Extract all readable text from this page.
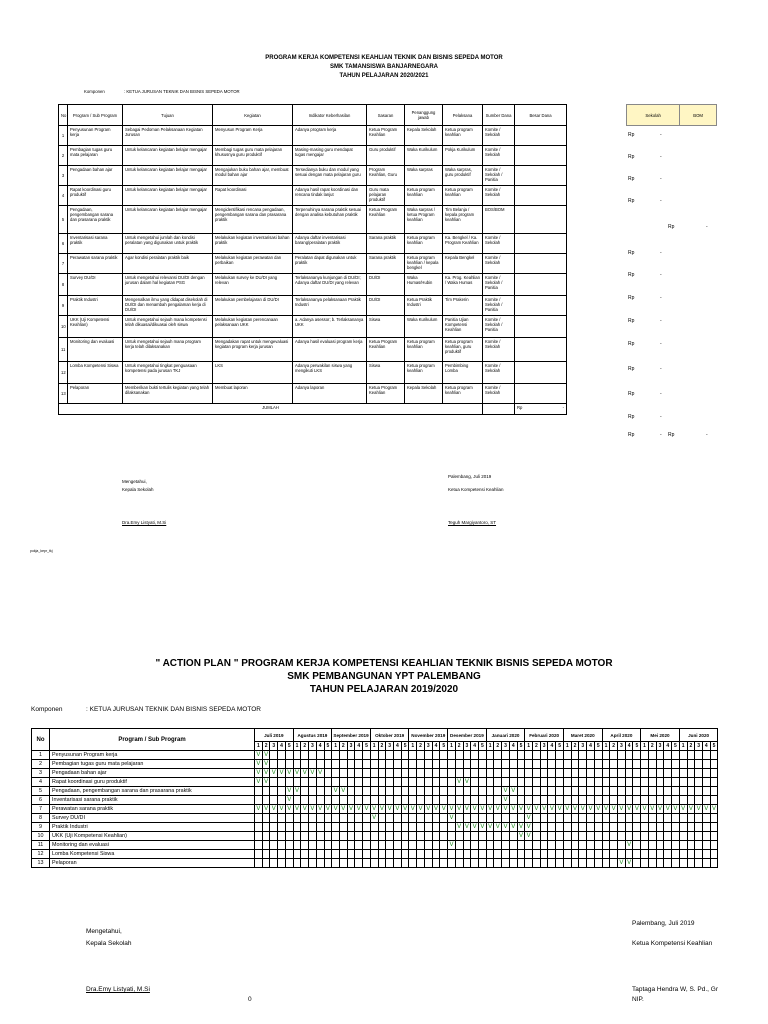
PROGRAM KERJA KOMPETENSI KEAHLIAN TEKNIK DAN BISNIS SEPEDA MOTOR
SMK TAMANSISWA BANJARNEGARA
TAHUN PELAJARAN 2020/2021
Komponen	: KETUA JURUSAN TEKNIK DAN BISNIS SEPEDA MOTOR
No	Program / Sub Program	Tujuan	Kegiatan	Indikator Keberhasilan	Sasaran	Penanggung jawab	Pelaksana	Sumber Dana	Besar Dana
1	Penyusunan Program kerja	Sebagai Pedoman Pelaksanaan Kegiatan Jurusan	Menyusun Program Kerja	Adanya program kerja	Ketua Program Keahlian	Kepala Sekolah	Ketua program keahlian	Komite / Sekolah	
2	Pembagian tugas guru mata pelajaran	Untuk kelancaran kegiatan belajar mengajar	Membagi tugas guru mata pelajaran khususnya guru produktif	Masing-masing guru mendapat tugas mengajar	Guru produktif	Waka Kurikulum	Pokja Kurikulum	Komite / Sekolah	
3	Pengadaan bahan ajar	Untuk kelancaran kegiatan belajar mengajar	Mengajukan buku bahan ajar, membuat modul bahan ajar	Tersedianya buku dan modul yang sesuai dengan mata pelajaran guru	Program Keahlian, Guru	Waka sarpras	Waka sarpras, guru produktif	Komite / Sekolah / Panitia	
4	Rapat koordinasi guru produktif	Untuk kelancaran kegiatan belajar mengajar	Rapat koordinasi	Adanya hasil rapat koordinasi dan rencana tindak lanjut	Guru mata pelajaran produktif	Ketua program keahlian	Ketua program keahlian	Komite / Sekolah	
5	Pengadaan, pengembangan sarana dan prasarana praktik	Untuk kelancaran kegiatan belajar mengajar	Mengidentifikasi rencana pengadaan, pengembangan sarana dan prasarana praktik	Terpenuhinya sarana praktik sesuai dengan analisa kebutuhan praktik	Ketua Program Keahlian	Waka sarpras / ketua Program keahlian	Tim Belanja / kepala program keahlian	BOS/BOM	
6	Inventarisasi sarana praktik	Untuk mengetahui jumlah dan kondisi peralatan yang digunakan untuk praktik	Melakukan kegiatan inventarisasi bahan praktik	Adanya daftar inventarisasi barang/peralatan praktik	Sarana praktik	Ketua program keahlian	Ka. Bengkel / Ka. Program Keahlian	Komite / Sekolah	
7	Perawatan sarana praktik	Agar kondisi peralatan praktik baik	Melakukan kegiatan perawatan dan perbaikan	Peralatan dapat digunakan untuk praktik	Sarana praktik	Ketua program keahlian / kepala bengkel	Kepala Bengkel	Komite / Sekolah	
8	Survey DU/DI	Untuk mengetahui relevansi DU/DI dengan jurusan dalam hal kegiatan PSG	Melakukan survey ke DU/DI yang relevan	Terlaksananya kunjungan di DU/DI; Adanya daftar DU/DI yang relevan	DU/DI	Waka Humas/Hubin	Ka. Prog. Keahlian / Waka Humas	Komite / Sekolah / Panitia	
9	Praktik Industri	Mengenalkan ilmu yang didapat disekolah di DU/DI dan menambah pengalaman kerja di DU/DI	Melakukan pembelajaran di DU/DI	Terlaksananya pelaksanaan Praktik Industri	DU/DI	Ketua Praktik Industri	Tim Prakerin	Komite / Sekolah / Panitia	
10	UKK (Uji Kompetensi Keahlian)	Untuk mengetahui sejauh mana kompetensi telah dikuasai/dikuasai oleh siswa	Melakukan kegiatan perencanaan pelaksanaan UKK	a. Adanya asessor; b. Terlaksananya UKK	Siswa	Waka Kurikulum	Panitia Ujian Kompetensi Keahlian	Komite / Sekolah / Panitia	
11	Monitoring dan evaluasi	Untuk mengetahui sejauh mana program kerja telah dilaksanakan	Mengadakan rapat untuk mengevaluasi kegiatan program kerja jurusan	Adanya hasil evaluasi program kerja	Ketua Program Keahlian	Ketua program keahlian	Ketua program keahlian, guru produktif	Komite / Sekolah	
12	Lomba Kompetensi Siswa	Untuk mengetahui tingkat penguasaan kompetensi pada jurusan TKJ	LKS	Adanya perwakilan siswa yang mengikuti LKS	Siswa	Ketua program keahlian	Pembimbing Lomba	Komite / Sekolah	
13	Pelaporan	Memberikan bukti tertulis kegiatan yang telah dilaksanakan	Membuat laporan	Adanya laporan	Ketua Program Keahlian	Kepala Sekolah	Ketua program keahlian	Komite / Sekolah	
JUMLAH									Rp -
Sekolah	BOM
Rp	-
Rp	-
Rp	-
Rp	-
Rp	-
Rp	-
Rp	-
Rp	-
Rp	-
Rp	-
Rp	-
Rp	-
Rp	-
Rp	- Rp	-
Palembang, Juli 2019
Mengetahui,
Kepala Sekolah	Ketua Kompetensi Keahlian
Dra.Emy Listyati, M.Si	Teguh Margiyantoro, ST
pokja_kepr_tkj
" ACTION PLAN " PROGRAM KERJA KOMPETENSI KEAHLIAN TEKNIK BISNIS SEPEDA MOTOR
SMK PEMBANGUNAN YPT PALEMBANG
TAHUN PELAJARAN 2019/2020
Komponen	: KETUA JURUSAN TEKNIK DAN BISNIS SEPEDA MOTOR
No	Program / Sub Program	Juli 2019					Agustus 2019					September 2019					Oktober 2019					November 2019					Desember 2019					Januari 2020					Februari 2020					Maret 2020					April 2020					Mei 2020					Juni 2020				
		1	2	3	4	5	1	2	3	4	5	1	2	3	4	5	1	2	3	4	5	1	2	3	4	5	1	2	3	4	5	1	2	3	4	5	1	2	3	4	5	1	2	3	4	5	1	2	3	4	5	1	2	3	4	5	1	2	3	4	5
1	Penyusunan Program kerja	V	V																																																										
2	Pembagian tugas guru mata pelajaran	V	V																																																										
3	Pengadaan bahan ajar	V	V	V	V	V	V	V	V	V																																																			
4	Rapat koordinasi guru produktif	V	V																									V	V																																
5	Pengadaan, pengembangan sarana dan prasarana praktik					V	V					V	V																					V	V																										
6	Inventarisasi sarana praktik					V																												V																											
7	Perawatan sarana praktik	V	V	V	V	V	V	V	V	V	V	V	V	V	V	V	V	V	V	V	V	V	V	V	V	V	V	V	V	V	V	V	V	V	V	V	V	V	V	V	V	V	V	V	V	V	V	V	V	V	V	V	V	V	V	V	V	V	V	V	V
8	Survey DU/DI																V										V										V																								
9	Praktik Industri																											V	V	V	V	V	V	V	V	V	V																								
10	UKK (Uji Kompetensi Keahlian)																																			V	V																								
11	Monitoring dan evaluasi																										V																							V											
12	Lomba Kompetensi Siswa																																																												
13	Pelaporan																																																V	V											
Palembang, Juli 2019
Mengetahui,
Kepala Sekolah	Ketua Kompetensi Keahlian
Dra.Emy Listyati, M.Si	Taptaga Hendra W, S. Pd., Gr
NIP.
0
